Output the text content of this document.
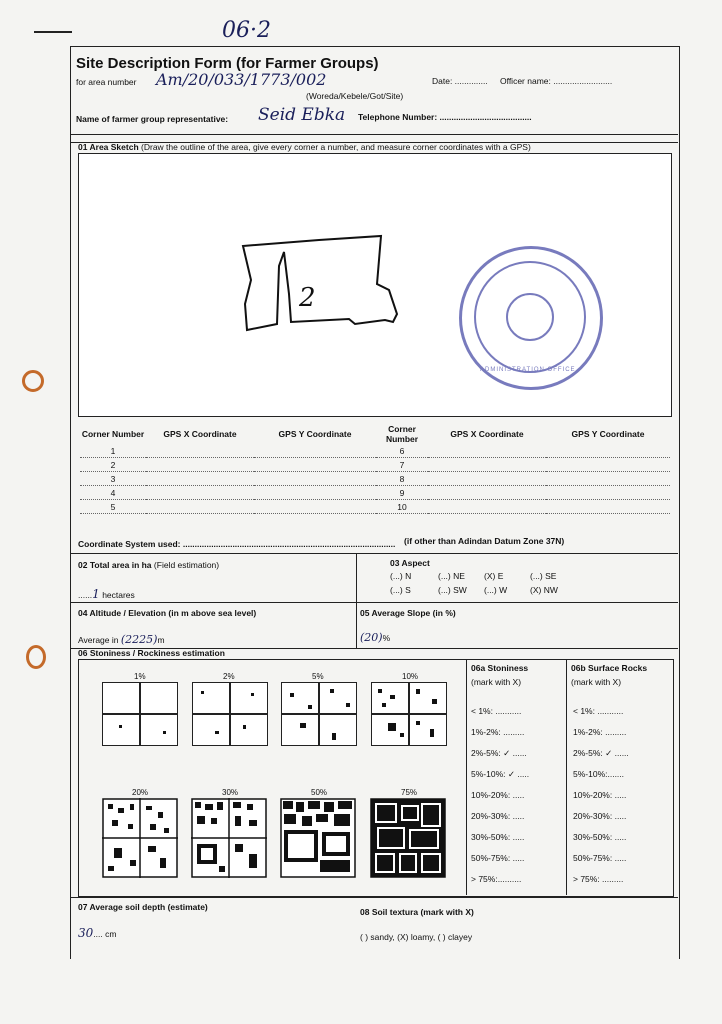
06·2
Site Description Form (for Farmer Groups)
for area number Am/20/033/1773/002
(Woreda/Kebele/Got/Site)
Date: .............. Officer name: .........................
Name of farmer group representative: Seid Ebka Telephone Number: .......................................
01 Area Sketch (Draw the outline of the area, give every corner a number, and measure corner coordinates with a GPS)
2
ADMINISTRATION OFFICE
Corner Number	GPS X Coordinate	GPS Y Coordinate	Corner Number	GPS X Coordinate	GPS Y Coordinate
1			6		
2			7		
3			8		
4			9		
5			10		
Coordinate System used: .......................................................................................... (if other than Adindan Datum Zone 37N)
02 Total area in ha (Field estimation)
......1 hectares
03 Aspect
(...) N	(...) NE (X) E	(...) SE
(...) S	(...) SW (...) W	(X) NW
04 Altitude / Elevation (in m above sea level)
Average in (2225)m
05 Average Slope (in %)
(20)%
06 Stoniness / Rockiness estimation
1%	2%	5%	10%
20%	30%	50%	75%
06a Stoniness
(mark with X)
06b Surface Rocks
(mark with X)
< 1%: ...........
1%-2%: .........
2%-5%: ✓ ......
5%-10%: ✓ .....
10%-20%: .....
20%-30%: .....
30%-50%: .....
50%-75%: .....
> 75%:..........
< 1%: ...........
1%-2%: .........
2%-5%: ✓ ......
5%-10%:.......
10%-20%: .....
20%-30%: .....
30%-50%: .....
50%-75%: .....
> 75%: .........
07 Average soil depth (estimate)
30.... cm
08 Soil textura (mark with X)
( ) sandy, (X) loamy, ( ) clayey
